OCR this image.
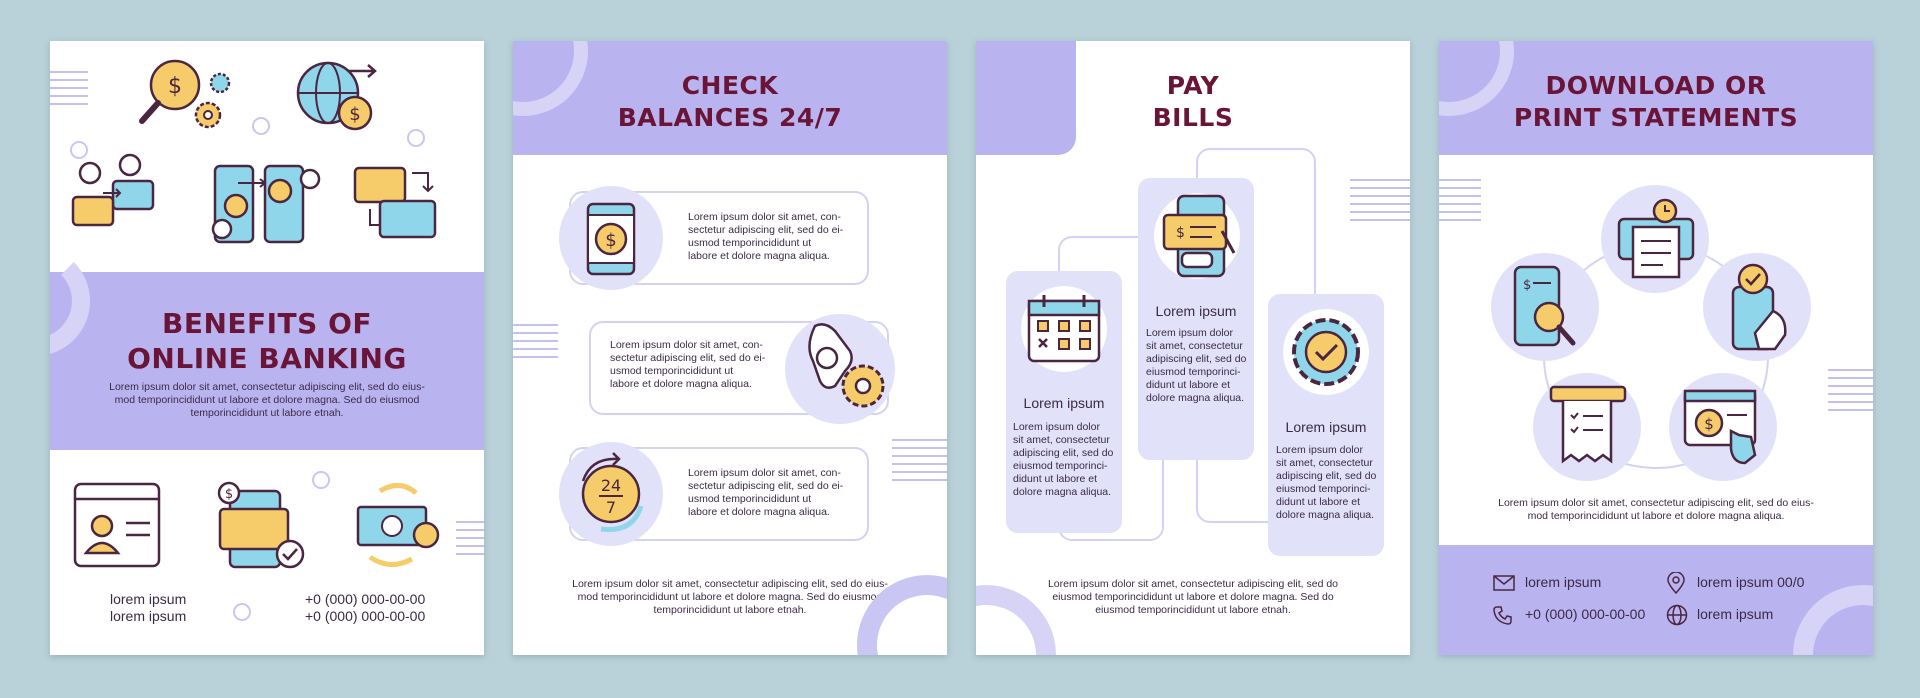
$
$
BENEFITS OF
ONLINE BANKING
Lorem ipsum dolor sit amet, consectetur adipiscing elit, sed do eius-
mod temporincididunt ut labore et dolore magna. Sed do eiusmod
temporincididunt ut labore etnah.
$
lorem ipsum
lorem ipsum
+0 (000) 000-00-00
+0 (000) 000-00-00
CHECK
BALANCES 24/7
$
Lorem ipsum dolor sit amet, con-
sectetur adipiscing elit, sed do ei-
usmod temporincididunt ut
labore et dolore magna aliqua.
Lorem ipsum dolor sit amet, con-
sectetur adipiscing elit, sed do ei-
usmod temporincididunt ut
labore et dolore magna aliqua.
24
7
Lorem ipsum dolor sit amet, con-
sectetur adipiscing elit, sed do ei-
usmod temporincididunt ut
labore et dolore magna aliqua.
Lorem ipsum dolor sit amet, consectetur adipiscing elit, sed do eius-
mod temporincididunt ut labore et dolore magna. Sed do eiusmod
temporincididunt ut labore etnah.
PAY
BILLS
Lorem ipsum
Lorem ipsum dolor
sit amet, consectetur
adipiscing elit, sed do
eiusmod temporinci-
didunt ut labore et
dolore magna aliqua.
$
Lorem ipsum
Lorem ipsum dolor
sit amet, consectetur
adipiscing elit, sed do
eiusmod temporinci-
didunt ut labore et
dolore magna aliqua.
Lorem ipsum
Lorem ipsum dolor
sit amet, consectetur
adipiscing elit, sed do
eiusmod temporinci-
didunt ut labore et
dolore magna aliqua.
Lorem ipsum dolor sit amet, consectetur adipiscing elit, sed do
eiusmod temporincididunt ut labore et dolore magna. Sed do
eiusmod temporincididunt ut labore etnah.
DOWNLOAD OR
PRINT STATEMENTS
$
$
Lorem ipsum dolor sit amet, consectetur adipiscing elit, sed do eius-
mod temporincididunt ut labore et dolore magna aliqua.
lorem ipsum	lorem ipsum 00/0
+0 (000) 000-00-00	lorem ipsum
